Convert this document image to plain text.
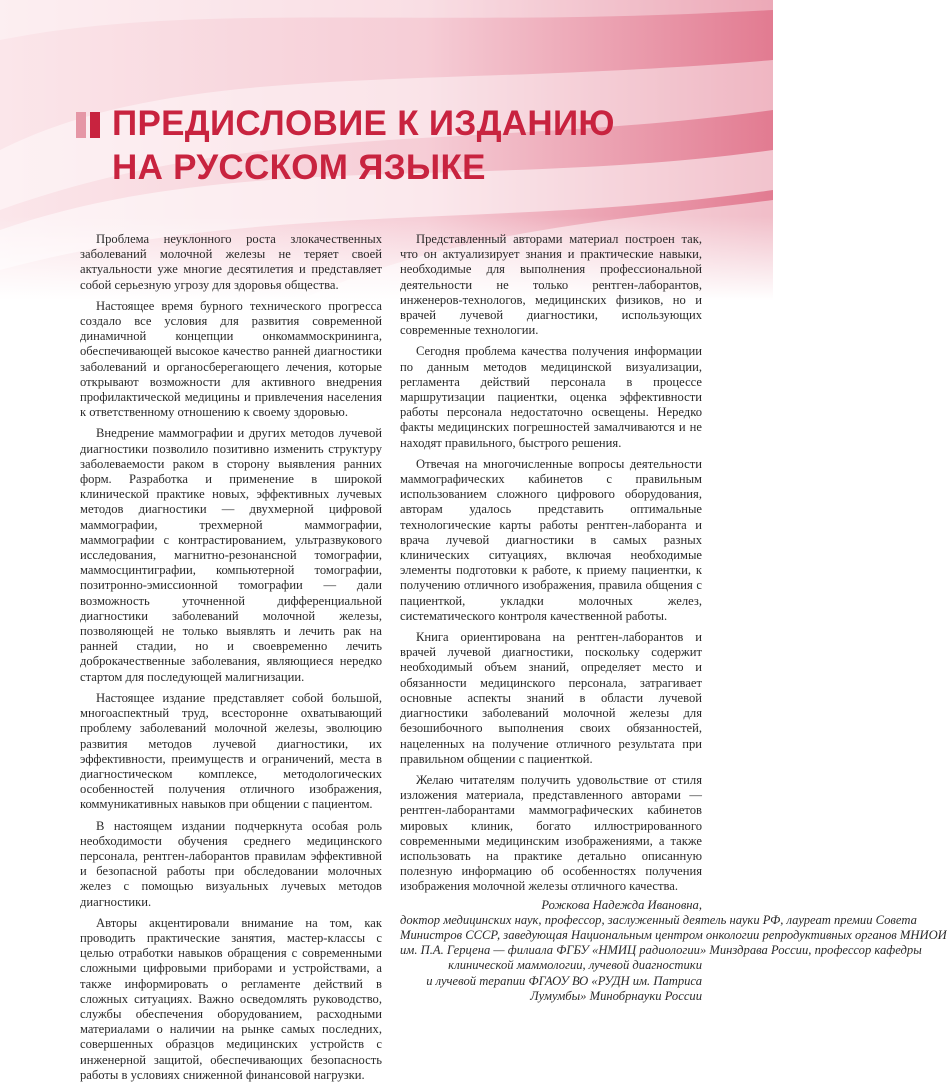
ПРЕДИСЛОВИЕ К ИЗДАНИЮ
НА РУССКОМ ЯЗЫКЕ

Проблема неуклонного роста злокачественных заболеваний молочной железы не теряет своей актуальности уже многие десятилетия и представляет собой серьезную угрозу для здоровья общества.

Настоящее время бурного технического прогресса создало все условия для развития современной динамичной концепции онкомаммоскрининга, обеспечивающей высокое качество ранней диагностики заболеваний и органосберегающего лечения, которые открывают возможности для активного внедрения профилактической медицины и привлечения населения к ответственному отношению к своему здоровью.

Внедрение маммографии и других методов лучевой диагностики позволило позитивно изменить структуру заболеваемости раком в сторону выявления ранних форм. Разработка и применение в широкой клинической практике новых, эффективных лучевых методов диагностики — двухмерной цифровой маммографии, трехмерной маммографии, маммографии с контрастированием, ультразвукового исследования, магнитно-резонансной томографии, маммосцинтиграфии, компьютерной томографии, позитронно-эмиссионной томографии — дали возможность уточненной дифференциальной диагностики заболеваний молочной железы, позволяющей не только выявлять и лечить рак на ранней стадии, но и своевременно лечить доброкачественные заболевания, являющиеся нередко стартом для последующей малигнизации.

Настоящее издание представляет собой большой, многоаспектный труд, всесторонне охватывающий проблему заболеваний молочной железы, эволюцию развития методов лучевой диагностики, их эффективности, преимуществ и ограничений, места в диагностическом комплексе, методологических особенностей получения отличного изображения, коммуникативных навыков при общении с пациентом.

В настоящем издании подчеркнута особая роль необходимости обучения среднего медицинского персонала, рентген-лаборантов правилам эффективной и безопасной работы при обследовании молочных желез с помощью визуальных лучевых методов диагностики.

Авторы акцентировали внимание на том, как проводить практические занятия, мастер-классы с целью отработки навыков обращения с современными сложными цифровыми приборами и устройствами, а также информировать о регламенте действий в сложных ситуациях. Важно осведомлять руководство, службы обеспечения оборудованием, расходными материалами о наличии на рынке самых последних, совершенных образцов медицинских устройств с инженерной защитой, обеспечивающих безопасность работы в условиях сниженной финансовой нагрузки.

Представленный авторами материал построен так, что он актуализирует знания и практические навыки, необходимые для выполнения профессиональной деятельности не только рентген-лаборантов, инженеров-технологов, медицинских физиков, но и врачей лучевой диагностики, использующих современные технологии.

Сегодня проблема качества получения информации по данным методов медицинской визуализации, регламента действий персонала в процессе маршрутизации пациентки, оценка эффективности работы персонала недостаточно освещены. Нередко факты медицинских погрешностей замалчиваются и не находят правильного, быстрого решения.

Отвечая на многочисленные вопросы деятельности маммографических кабинетов с правильным использованием сложного цифрового оборудования, авторам удалось представить оптимальные технологические карты работы рентген-лаборанта и врача лучевой диагностики в самых разных клинических ситуациях, включая необходимые элементы подготовки к работе, к приему пациентки, к получению отличного изображения, правила общения с пациенткой, укладки молочных желез, систематического контроля качественной работы.

Книга ориентирована на рентген-лаборантов и врачей лучевой диагностики, поскольку содержит необходимый объем знаний, определяет место и обязанности медицинского персонала, затрагивает основные аспекты знаний в области лучевой диагностики заболеваний молочной железы для безошибочного выполнения своих обязанностей, нацеленных на получение отличного результата при правильном общении с пациенткой.

Желаю читателям получить удовольствие от стиля изложения материала, представленного авторами — рентген-лаборантами маммографических кабинетов мировых клиник, богато иллюстрированного современными медицинским изображениями, а также использовать на практике детально описанную полезную информацию об особенностях получения изображения молочной железы отличного качества.

Рожкова Надежда Ивановна,
доктор медицинских наук, профессор, заслуженный деятель науки РФ, лауреат премии Совета
Министров СССР, заведующая Национальным центром онкологии репродуктивных органов МНИОИ
им. П.А. Герцена — филиала ФГБУ «НМИЦ радиологии» Минздрава России, профессор кафедры
клинической маммологии, лучевой диагностики
и лучевой терапии ФГАОУ ВО «РУДН им. Патриса
Лумумбы» Минобрнауки России
